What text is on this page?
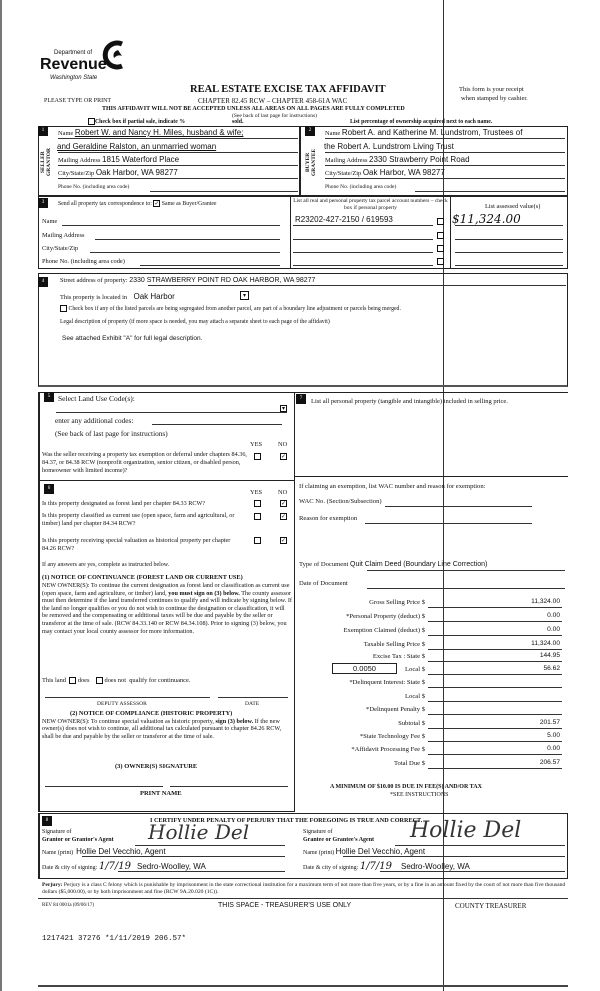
Department of
Revenue
Washington State
REAL ESTATE EXCISE TAX AFFIDAVIT
CHAPTER 82.45 RCW – CHAPTER 458-61A WAC
PLEASE TYPE OR PRINT
This form is your receipt
when stamped by cashier.
THIS AFFIDAVIT WILL NOT BE ACCEPTED UNLESS ALL AREAS ON ALL PAGES ARE FULLY COMPLETED
(See back of last page for instructions)
Check box if partial sale, indicate %	sold.	List percentage of ownership acquired next to each name.
1	2
SELLER GRANTOR	BUYER GRANTEE
Name Robert W. and Nancy H. Miles, husband & wife;
and Geraldine Ralston, an unmarried woman
Mailing Address 1815 Waterford Place
City/State/Zip Oak Harbor, WA 98277
Phone No. (including area code)
Name Robert A. and Katherine M. Lundstrom, Trustees of
the Robert A. Lundstrom Living Trust
Mailing Address 2330 Strawberry Point Road
City/State/Zip Oak Harbor, WA 98277
Phone No. (including area code)
3	Send all property tax correspondence to: ✓ Same as Buyer/Grantee
Name
Mailing Address
City/State/Zip
Phone No. (including area code)
List all real and personal property tax parcel account numbers – check box if personal property
R23202-427-2150 / 619593
List assessed value(s)
$11,324.00
4	Street address of property: 2330 STRAWBERRY POINT RD OAK HARBOR, WA 98277
This property is located in Oak Harbor	▾
Check box if any of the listed parcels are being segregated from another parcel, are part of a boundary line adjustment or parcels being merged.
Legal description of property (if more space is needed, you may attach a separate sheet to each page of the affidavit)
See attached Exhibit "A" for full legal description.
5	Select Land Use Code(s):
▾
enter any additional codes:
(See back of last page for instructions)
YES NO
Was the seller receiving a property tax exemption or deferral under chapters 84.36, 84.37, or 84.38 RCW (nonprofit organization, senior citizen, or disabled person, homeowner with limited income)?
✓
6
YES NO
Is this property designated as forest land per chapter 84.33 RCW?	✓
Is this property classified as current use (open space, farm and agricultural, or timber) land per chapter 84.34 RCW?
✓
Is this property receiving special valuation as historical property per chapter 84.26 RCW?
✓
If any answers are yes, complete as instructed below.
(1) NOTICE OF CONTINUANCE (FOREST LAND OR CURRENT USE)
NEW OWNER(S): To continue the current designation as forest land or classification as current use (open space, farm and agriculture, or timber) land, you must sign on (3) below. The county assessor must then determine if the land transferred continues to qualify and will indicate by signing below. If the land no longer qualifies or you do not wish to continue the designation or classification, it will be removed and the compensating or additional taxes will be due and payable by the seller or transferor at the time of sale. (RCW 84.33.140 or RCW 84.34.108). Prior to signing (3) below, you may contact your local county assessor for more information.
This land does does not qualify for continuance.
DEPUTY ASSESSOR	DATE
(2) NOTICE OF COMPLIANCE (HISTORIC PROPERTY)
NEW OWNER(S): To continue special valuation as historic property, sign (3) below. If the new owner(s) does not wish to continue, all additional tax calculated pursuant to chapter 84.26 RCW, shall be due and payable by the seller or transferor at the time of sale.
(3) OWNER(S) SIGNATURE
PRINT NAME
7	List all personal property (tangible and intangible) included in selling price.
If claiming an exemption, list WAC number and reason for exemption:
WAC No. (Section/Subsection)
Reason for exemption
Type of Document Quit Claim Deed (Boundary Line Correction)
Date of Document
0.0050
Gross Selling Price $	11,324.00
*Personal Property (deduct) $	0.00
Exemption Claimed (deduct) $	0.00
Taxable Selling Price $	11,324.00
Excise Tax : State $	144.95
Local $	56.62
*Delinquent Interest: State $
Local $
*Delinquent Penalty $
Subtotal $	201.57
*State Technology Fee $	5.00
*Affidavit Processing Fee $	0.00
Total Due $	206.57
A MINIMUM OF $10.00 IS DUE IN FEE(S) AND/OR TAX
*SEE INSTRUCTIONS
8	I CERTIFY UNDER PENALTY OF PERJURY THAT THE FOREGOING IS TRUE AND CORRECT.
Signature of
Grantor or Grantor's Agent Hollie Del
Name (print) Hollie Del Vecchio, Agent
Date & city of signing: 1/7/19 Sedro-Woolley, WA
Signature of
Grantee or Grantee's Agent Hollie Del
Name (print) Hollie Del Vecchio, Agent
Date & city of signing: 1/7/19 Sedro-Woolley, WA
Perjury: Perjury is a class C felony which is punishable by imprisonment in the state correctional institution for a maximum term of not more than five years, or by a fine in an amount fixed by the court of not more than five thousand dollars ($5,000.00), or by both imprisonment and fine (RCW 9A.20.020 (1C)).
REV 84 0001a (09/06/17)	THIS SPACE - TREASURER'S USE ONLY	COUNTY TREASURER
1217421 37276 *1/11/2019 206.57*
